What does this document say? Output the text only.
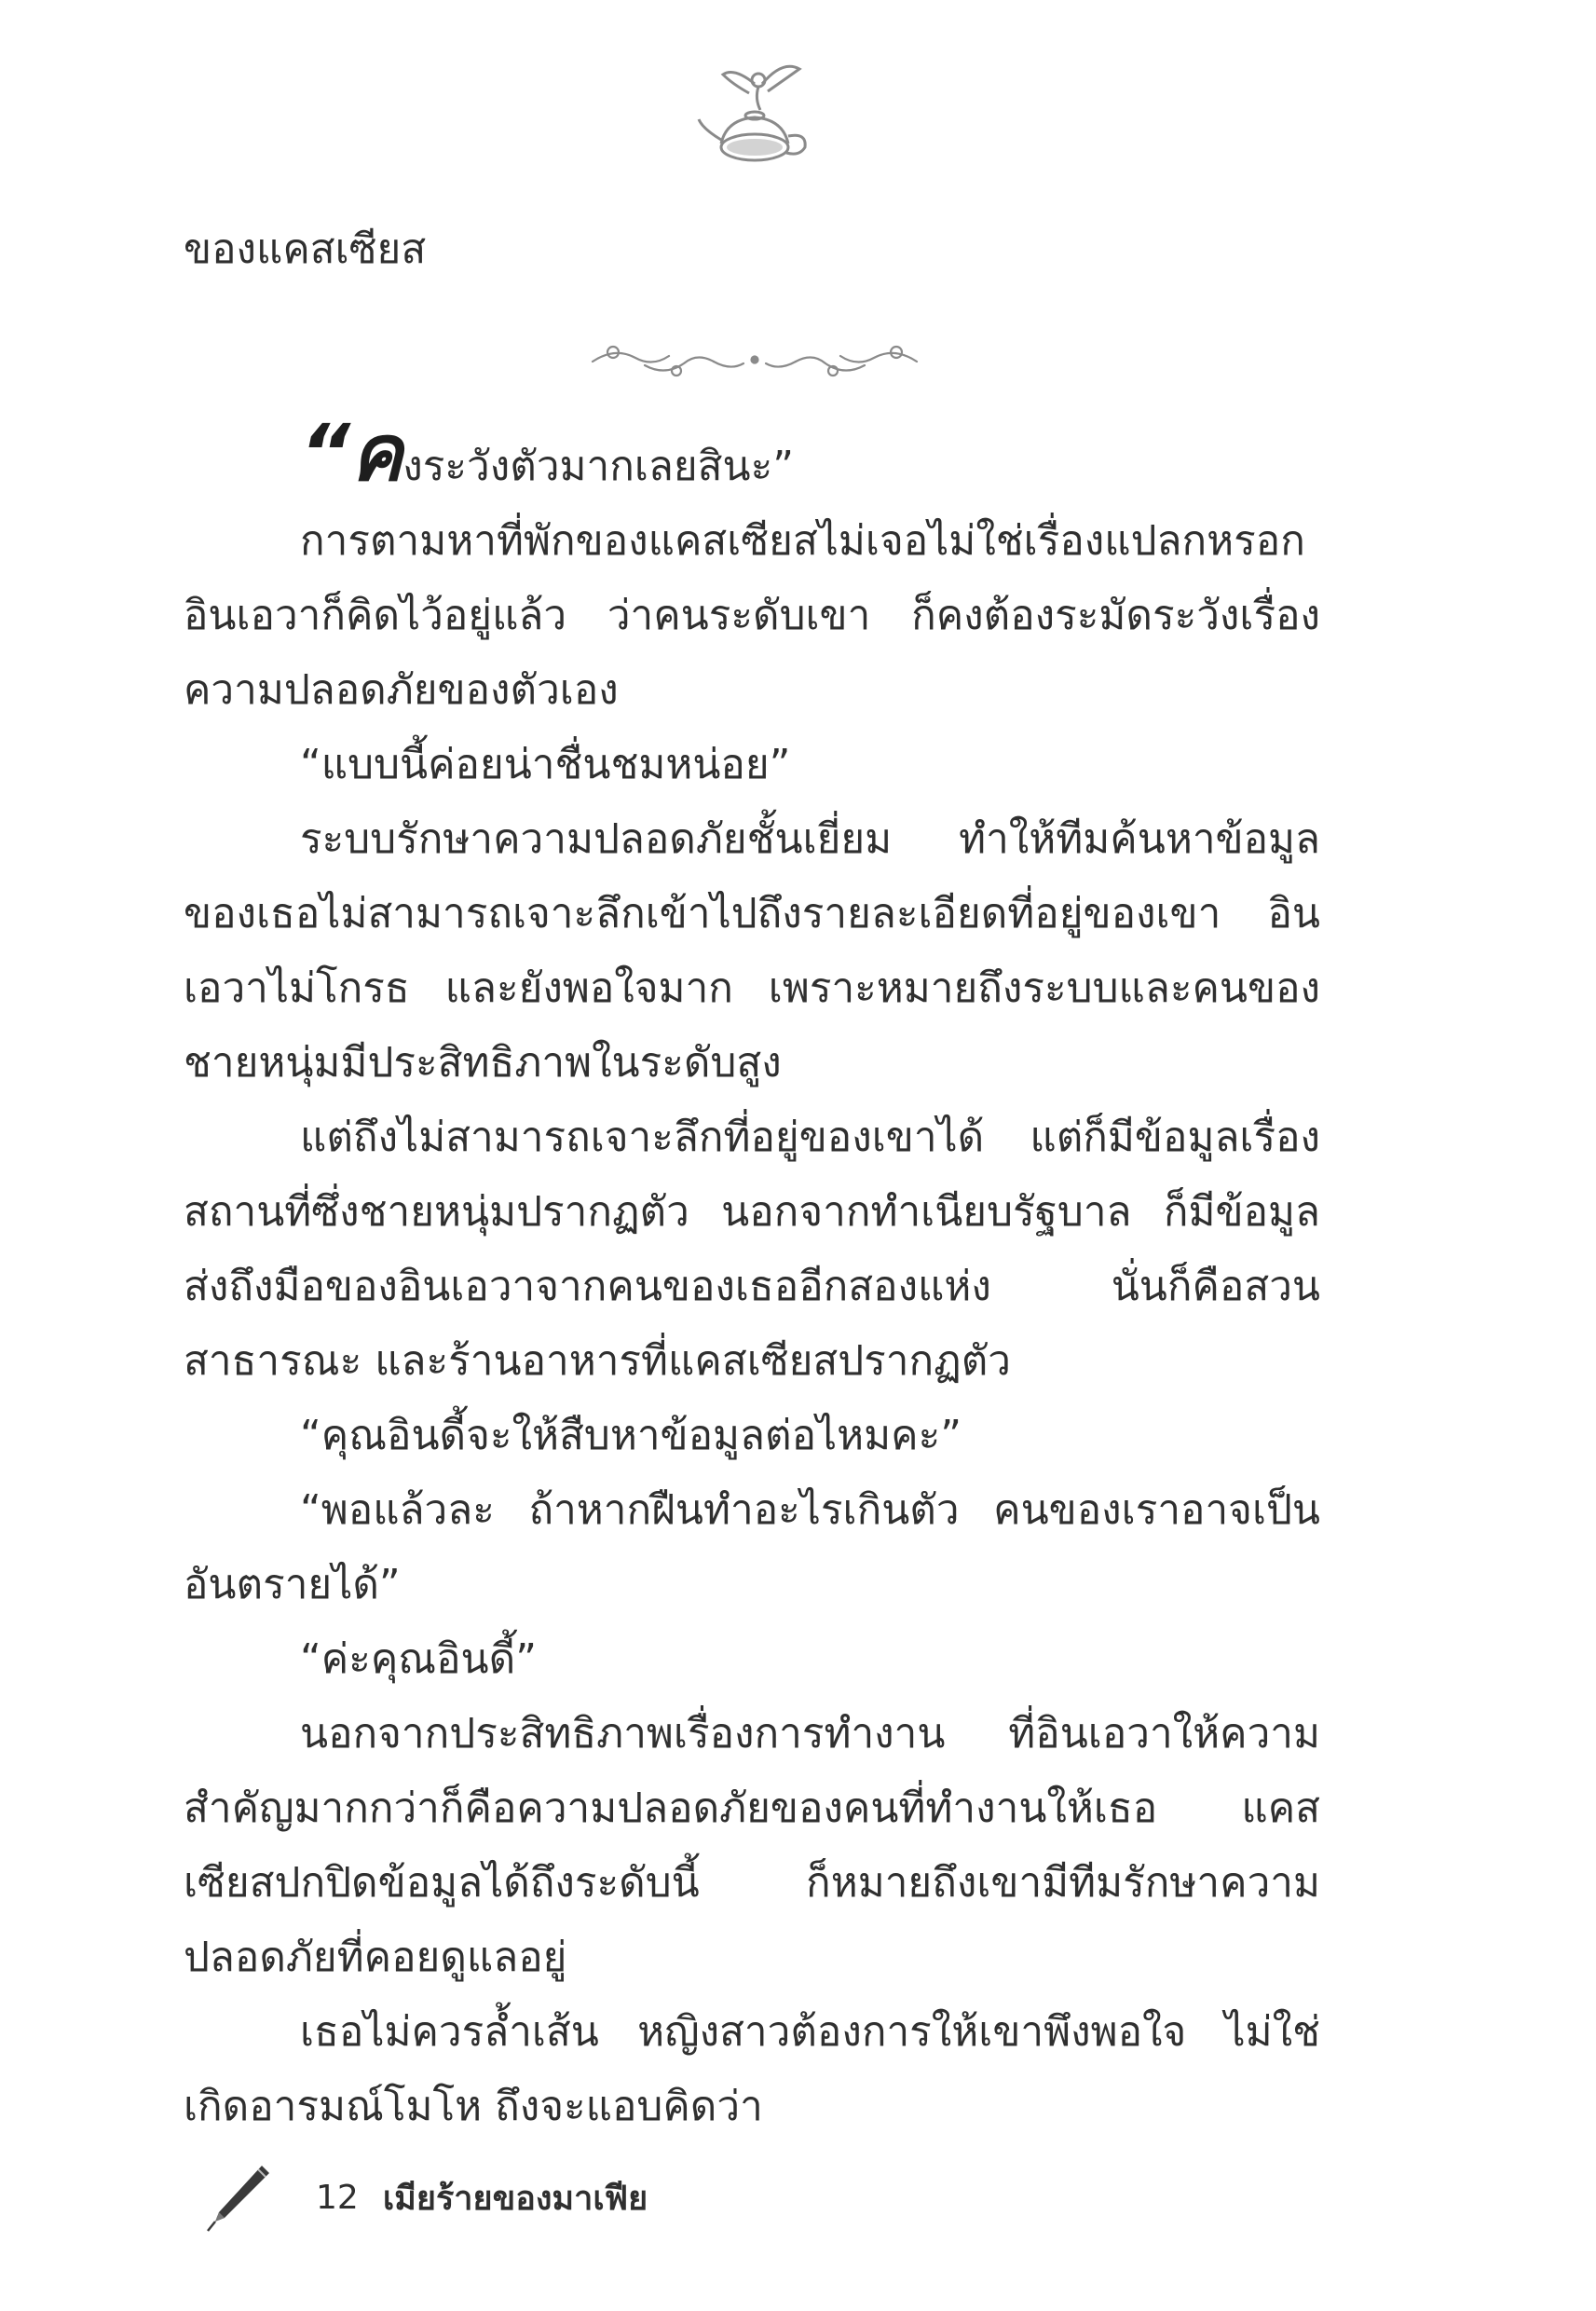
ของแคสเซียส

“คงระวังตัวมากเลยสินะ”

การตามหาที่พักของแคสเซียสไม่เจอไม่ใช่เรื่องแปลกหรอก อินเอวาก็คิดไว้อยู่แล้ว ว่าคนระดับเขา ก็คงต้องระมัดระวังเรื่องความปลอดภัยของตัวเอง

“แบบนี้ค่อยน่าชื่นชมหน่อย”

ระบบรักษาความปลอดภัยชั้นเยี่ยม ทำให้ทีมค้นหาข้อมูลของเธอไม่สามารถเจาะลึกเข้าไปถึงรายละเอียดที่อยู่ของเขา อินเอวาไม่โกรธ และยังพอใจมาก เพราะหมายถึงระบบและคนของชายหนุ่มมีประสิทธิภาพในระดับสูง

แต่ถึงไม่สามารถเจาะลึกที่อยู่ของเขาได้ แต่ก็มีข้อมูลเรื่องสถานที่ซึ่งชายหนุ่มปรากฏตัว นอกจากทำเนียบรัฐบาล ก็มีข้อมูลส่งถึงมือของอินเอวาจากคนของเธออีกสองแห่ง นั่นก็คือสวนสาธารณะ และร้านอาหารที่แคสเซียสปรากฏตัว

“คุณอินดี้จะให้สืบหาข้อมูลต่อไหมคะ”

“พอแล้วละ ถ้าหากฝืนทำอะไรเกินตัว คนของเราอาจเป็นอันตรายได้”

“ค่ะคุณอินดี้”

นอกจากประสิทธิภาพเรื่องการทำงาน ที่อินเอวาให้ความสำคัญมากกว่าก็คือความปลอดภัยของคนที่ทำงานให้เธอ แคสเซียสปกปิดข้อมูลได้ถึงระดับนี้ ก็หมายถึงเขามีทีมรักษาความปลอดภัยที่คอยดูแลอยู่

เธอไม่ควรล้ำเส้น หญิงสาวต้องการให้เขาพึงพอใจ ไม่ใช่เกิดอารมณ์โมโห ถึงจะแอบคิดว่า

12 เมียร้ายของมาเฟีย
